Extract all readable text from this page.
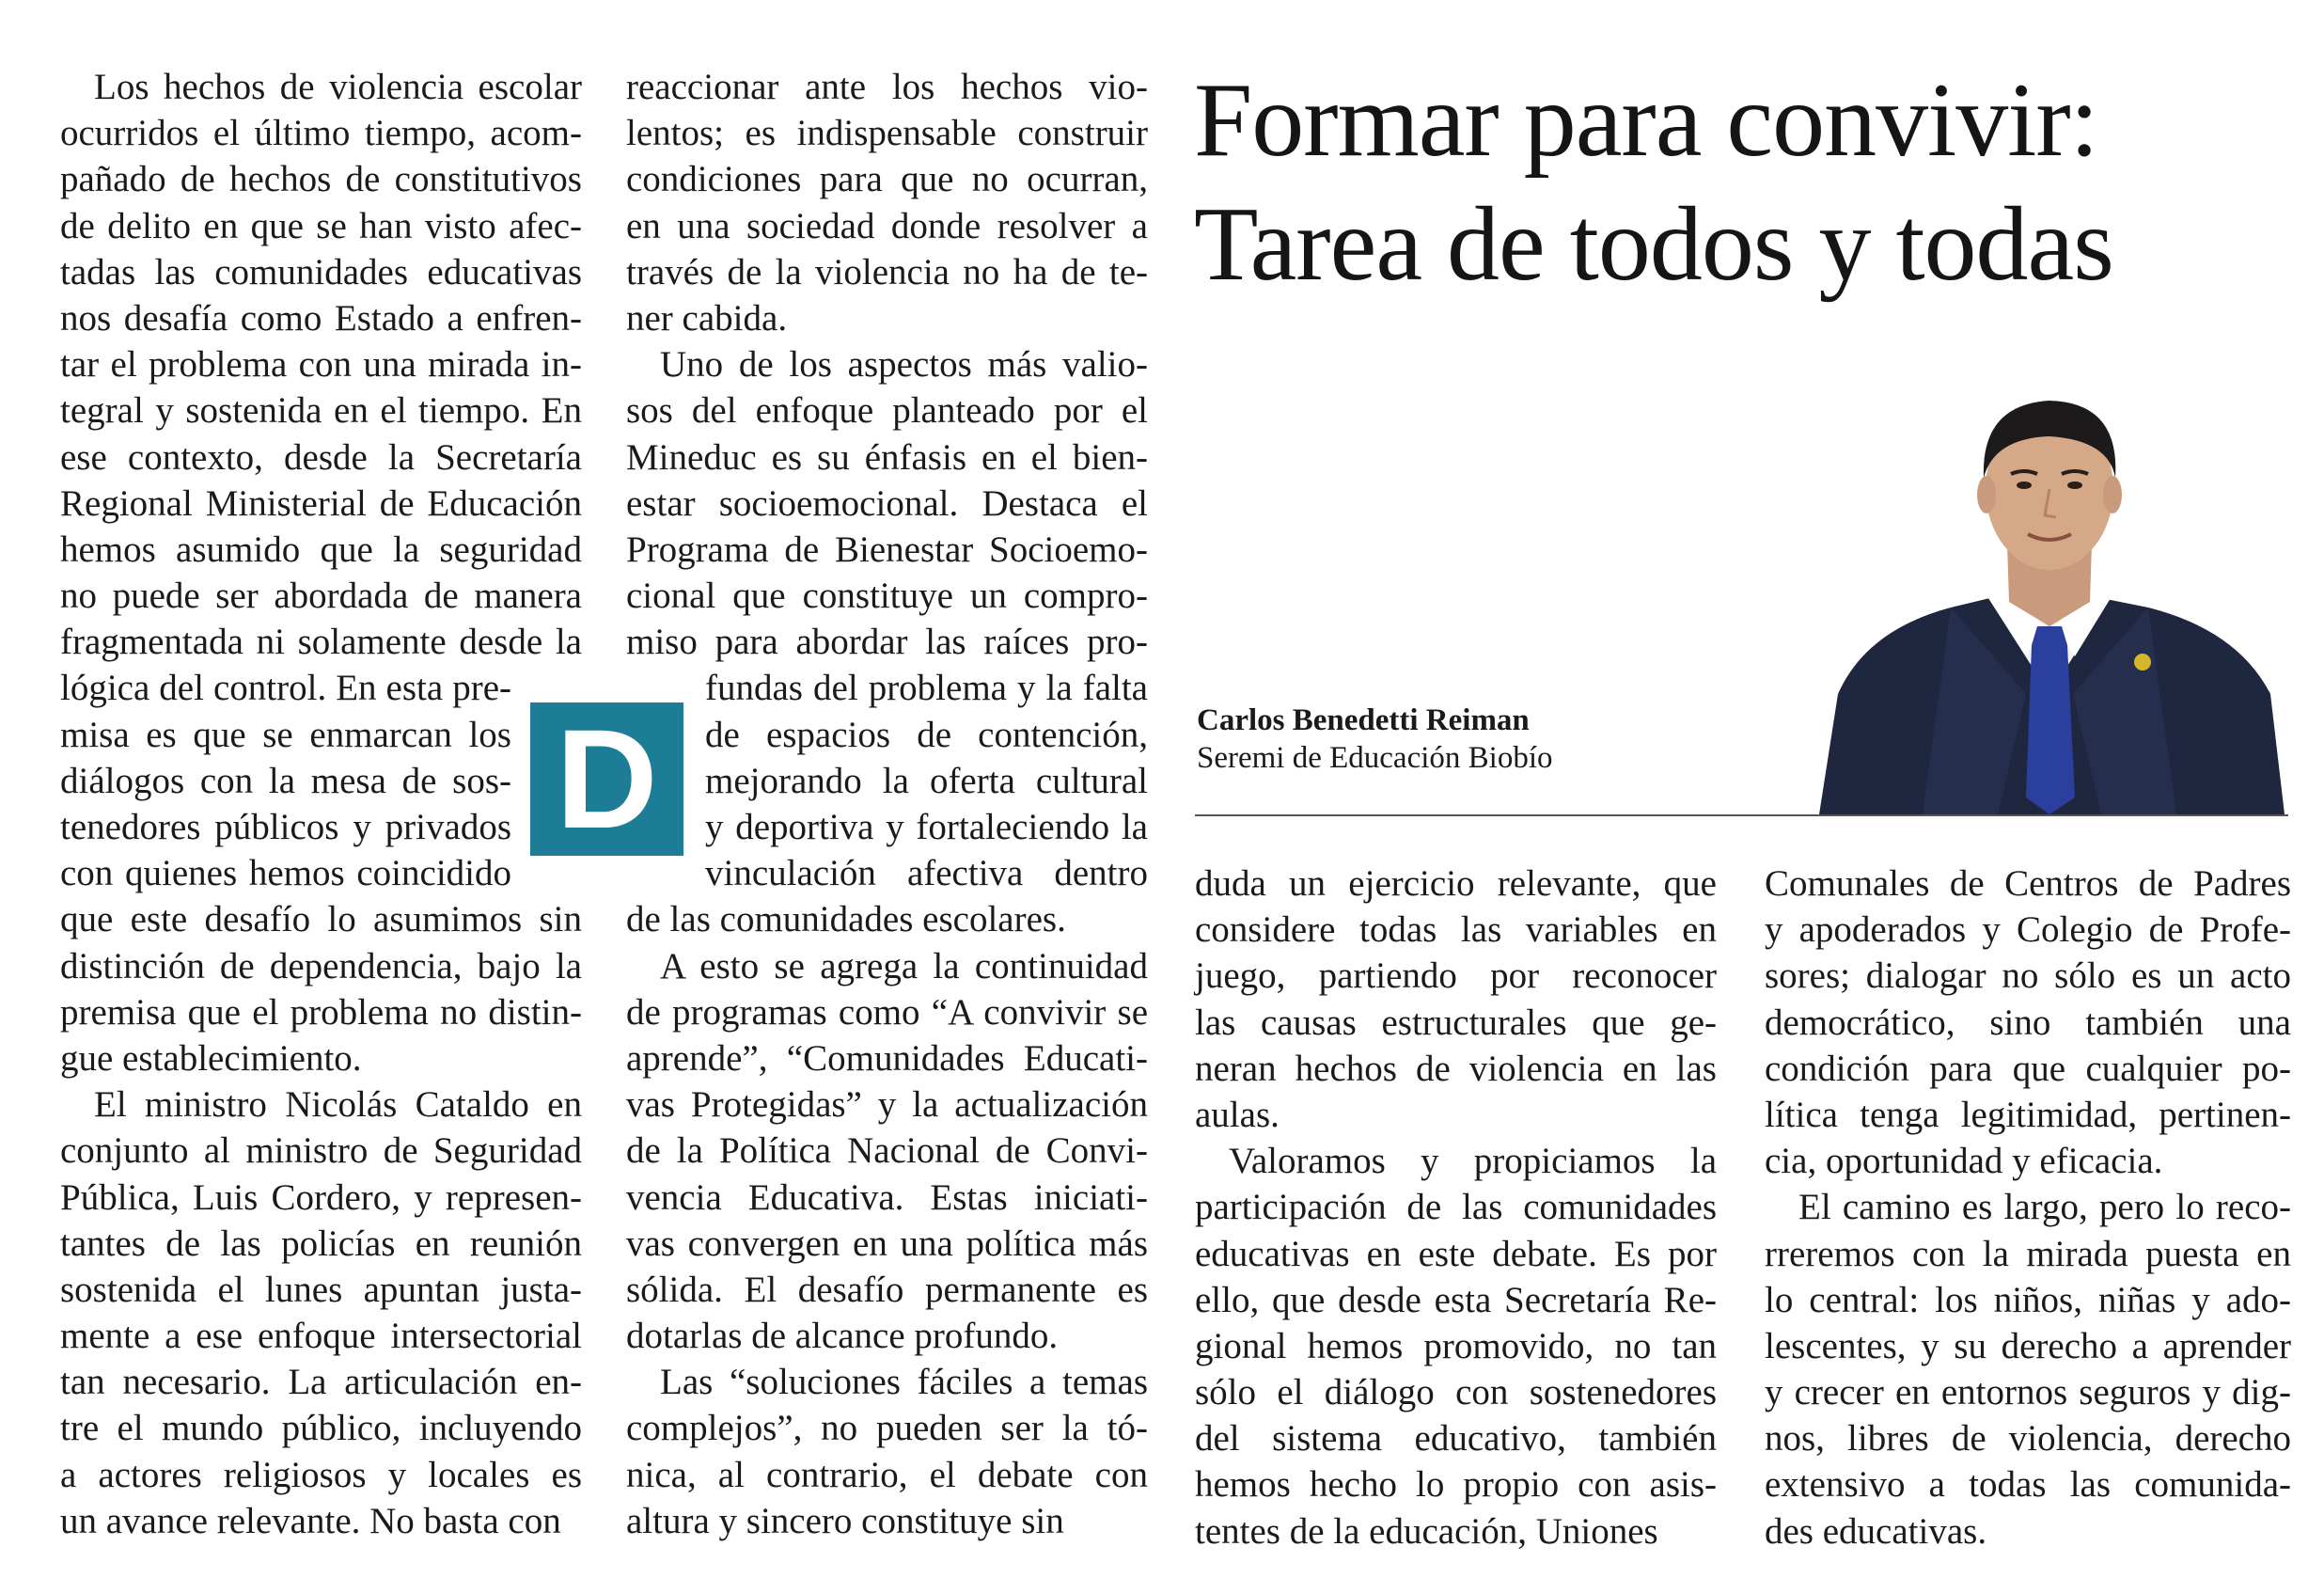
Formar para convivir:
Tarea de todos y todas
D	Carlos Benedetti Reiman
Seremi de Educación Biobío
Los hechos de violencia escolar
ocurridos el último tiempo, acom-
pañado de hechos de constitutivos
de delito en que se han visto afec-
tadas las comunidades educativas
nos desafía como Estado a enfren-
tar el problema con una mirada in-
tegral y sostenida en el tiempo. En
ese contexto, desde la Secretaría
Regional Ministerial de Educación
hemos asumido que la seguridad
no puede ser abordada de manera
fragmentada ni solamente desde la
lógica del control. En esta pre-
misa es que se enmarcan los
diálogos con la mesa de sos-
tenedores públicos y privados
con quienes hemos coincidido
que este desafío lo asumimos sin
distinción de dependencia, bajo la
premisa que el problema no distin-
gue establecimiento.
El ministro Nicolás Cataldo en
conjunto al ministro de Seguridad
Pública, Luis Cordero, y represen-
tantes de las policías en reunión
sostenida el lunes apuntan justa-
mente a ese enfoque intersectorial
tan necesario. La articulación en-
tre el mundo público, incluyendo
a actores religiosos y locales es
un avance relevante. No basta con
reaccionar ante los hechos vio-
lentos; es indispensable construir
condiciones para que no ocurran,
en una sociedad donde resolver a
través de la violencia no ha de te-
ner cabida.
Uno de los aspectos más valio-
sos del enfoque planteado por el
Mineduc es su énfasis en el bien-
estar socioemocional. Destaca el
Programa de Bienestar Socioemo-
cional que constituye un compro-
miso para abordar las raíces pro-
fundas del problema y la falta
de espacios de contención,
mejorando la oferta cultural
y deportiva y fortaleciendo la
vinculación afectiva dentro
de las comunidades escolares.
A esto se agrega la continuidad
de programas como “A convivir se
aprende”, “Comunidades Educati-
vas Protegidas” y la actualización
de la Política Nacional de Convi-
vencia Educativa. Estas iniciati-
vas convergen en una política más
sólida. El desafío permanente es
dotarlas de alcance profundo.
Las “soluciones fáciles a temas
complejos”, no pueden ser la tó-
nica, al contrario, el debate con
altura y sincero constituye sin
duda un ejercicio relevante, que
considere todas las variables en
juego, partiendo por reconocer
las causas estructurales que ge-
neran hechos de violencia en las
aulas.
Valoramos y propiciamos la
participación de las comunidades
educativas en este debate. Es por
ello, que desde esta Secretaría Re-
gional hemos promovido, no tan
sólo el diálogo con sostenedores
del sistema educativo, también
hemos hecho lo propio con asis-
tentes de la educación, Uniones
Comunales de Centros de Padres
y apoderados y Colegio de Profe-
sores; dialogar no sólo es un acto
democrático, sino también una
condición para que cualquier po-
lítica tenga legitimidad, pertinen-
cia, oportunidad y eficacia.
El camino es largo, pero lo reco-
rreremos con la mirada puesta en
lo central: los niños, niñas y ado-
lescentes, y su derecho a aprender
y crecer en entornos seguros y dig-
nos, libres de violencia, derecho
extensivo a todas las comunida-
des educativas.
